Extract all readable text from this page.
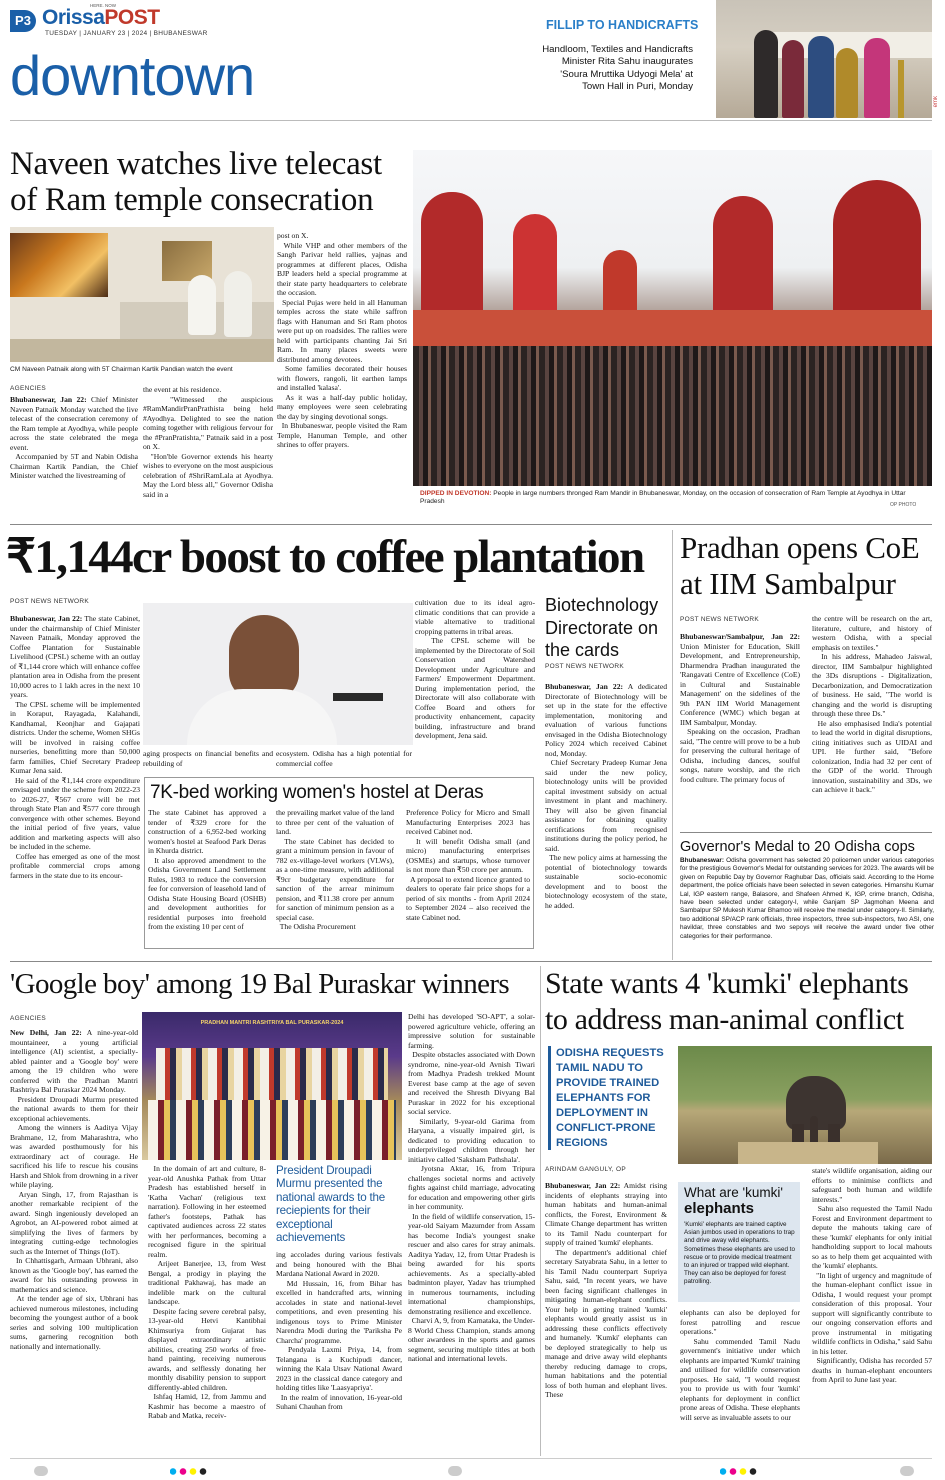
P3
HERE. NOW
OrissaPOST
TUESDAY | JANUARY 23 | 2024 | BHUBANESWAR
downtown
FILLIP TO HANDICRAFTS
Handloom, Textiles and Handicrafts Minister Rita Sahu inaugurates 'Soura Mruttika Udyogi Mela' at Town Hall in Puri, Monday
emk
Naveen watches live telecast of Ram temple consecration
CM Naveen Patnaik along with 5T Chairman Kartik Pandian watch the event
AGENCIES
Bhubaneswar, Jan 22: Chief Minister Naveen Patnaik Monday watched the live telecast of the consecration ceremony of the Ram temple at Ayodhya, while people across the state celebrated the mega event.
Accompanied by 5T and Nabin Odisha Chairman Kartik Pandian, the Chief Minister watched the livestreaming of
the event at his residence.
"Witnessed the auspicious #RamMandirPranPrathista being held #Ayodhya. Delighted to see the nation coming together with religious fervour for the #PranPratishta," Patnaik said in a post on X.
"Hon'ble Governor extends his hearty wishes to everyone on the most auspicious celebration of #ShriRamLala at Ayodhya. May the Lord bless all," Governor Odisha said in a
post on X.
While VHP and other members of the Sangh Parivar held rallies, yajnas and programmes at different places, Odisha BJP leaders held a special programme at their state party headquarters to celebrate the occasion.
Special Pujas were held in all Hanuman temples across the state while saffron flags with Hanuman and Sri Ram photos were put up on roadsides. The rallies were held with participants chanting Jai Sri Ram. In many places sweets were distributed among devotees.
Some families decorated their houses with flowers, rangoli, lit earthen lamps and installed 'kalasa'.
As it was a half-day public holiday, many employees were seen celebrating the day by singing devotional songs.
In Bhubaneswar, people visited the Ram Temple, Hanuman Temple, and other shrines to offer prayers.
DIPPED IN DEVOTION: People in large numbers thronged Ram Mandir in Bhubaneswar, Monday, on the occasion of consecration of Ram Temple at Ayodhya in Uttar Pradesh	OP PHOTO
₹1,144cr boost to coffee plantation
POST NEWS NETWORK
Bhubaneswar, Jan 22: The state Cabinet, under the chairmanship of Chief Minister Naveen Patnaik, Monday approved the Coffee Plantation for Sustainable Livelihood (CPSL) scheme with an outlay of ₹1,144 crore which will enhance coffee plantation area in Odisha from the present 10,000 acres to 1 lakh acres in the next 10 years.
The CPSL scheme will be implemented in Koraput, Rayagada, Kalahandi, Kandhamal, Keonjhar and Gajapati districts. Under the scheme, Women SHGs will be involved in raising coffee nurseries, benefitting more than 50,000 farm families, Chief Secretary Pradeep Kumar Jena said.
He said of the ₹1,144 crore expenditure envisaged under the scheme from 2022-23 to 2026-27, ₹567 crore will be met through State Plan and ₹577 core through convergence with other schemes. Beyond the initial period of five years, value addition and marketing aspects will also be included in the scheme.
Coffee has emerged as one of the most profitable commercial crops among farmers in the state due to its encour-
aging prospects on financial benefits and rebuilding of
ecosystem. Odisha has a high potential for commercial coffee
cultivation due to its ideal agro-climatic conditions that can provide a viable alternative to traditional cropping patterns in tribal areas.
The CPSL scheme will be implemented by the Directorate of Soil Conservation and Watershed Development under Agriculture and Farmers' Empowerment Department. During implementation period, the Directorate will also collaborate with Coffee Board and others for productivity enhancement, capacity building, infrastructure and brand development, Jena said.
7K-bed working women's hostel at Deras
The state Cabinet has approved a tender of ₹329 crore for the construction of a 6,952-bed working women's hostel at Seafood Park Deras in Khurda district.
It also approved amendment to the Odisha Government Land Settlement Rules, 1983 to reduce the conversion fee for conversion of leasehold land of Odisha State Housing Board (OSHB) and development authorities for residential purposes into freehold from the existing 10 per cent of
the prevailing market value of the land to three per cent of the valuation of land.
The state Cabinet has decided to grant a minimum pension in favour of 782 ex-village-level workers (VLWs), as a one-time measure, with additional ₹9cr budgetary expenditure for sanction of the arrear minimum pension, and ₹11.38 crore per annum for sanction of minimum pension as a special case.
The Odisha Procurement
Preference Policy for Micro and Small Manufacturing Enterprises 2023 has received Cabinet nod.
It will benefit Odisha small (and micro) manufacturing enterprises (OSMEs) and startups, whose turnover is not more than ₹50 crore per annum.
A proposal to extend licence granted to dealers to operate fair price shops for a period of six months - from April 2024 to September 2024 – also received the state Cabinet nod.
Biotechnology Directorate on the cards
POST NEWS NETWORK
Bhubaneswar, Jan 22: A dedicated Directorate of Biotechnology will be set up in the state for the effective implementation, monitoring and evaluation of various functions envisaged in the Odisha Biotechnology Policy 2024 which received Cabinet nod, Monday.
Chief Secretary Pradeep Kumar Jena said under the new policy, biotechnology units will be provided capital investment subsidy on actual investment in plant and machinery. They will also be given financial assistance for obtaining quality certifications from recognised institutions during the policy period, he said.
The new policy aims at harnessing the potential of biotechnology towards sustainable socio-economic development and to boost the biotechnology ecosystem of the state, he added.
Pradhan opens CoE at IIM Sambalpur
POST NEWS NETWORK
Bhubaneswar/Sambalpur, Jan 22: Union Minister for Education, Skill Development, and Entrepreneurship, Dharmendra Pradhan inaugurated the 'Rangavati Centre of Excellence (CoE) in Cultural and Sustainable Management' on the sidelines of the 9th PAN IIM World Management Conference (WMC) which began at IIM Sambalpur, Monday.
Speaking on the occasion, Pradhan said, "The centre will prove to be a hub for preserving the cultural heritage of Odisha, including dances, soulful songs, nature worship, and the rich food culture. The primary focus of
the centre will be research on the art, literature, culture, and history of western Odisha, with a special emphasis on textiles."
In his address, Mahadeo Jaiswal, director, IIM Sambalpur highlighted the 3Ds disruptions - Digitalization, Decarbonization, and Democratization of business. He said, "The world is changing and the world is disrupting through these three Ds."
He also emphasised India's potential to lead the world in digital disruptions, citing initiatives such as UIDAI and UPI. He further said, "Before colonization, India had 32 per cent of the GDP of the world. Through innovation, sustainability and 3Ds, we can achieve it back."
Governor's Medal to 20 Odisha cops
Bhubaneswar: Odisha government has selected 20 policemen under various categories for the prestigious Governor's Medal for outstanding services for 2023. The awards will be given on Republic Day by Governor Raghubar Das, officials said. According to the Home department, the police officials have been selected in seven categories. Himanshu Kumar Lal, IGP eastern range, Balasore, and Shafeen Ahmed K, IGP, crime branch, Odisha, have been selected under category-I, while Ganjam SP Jagmohan Meena and Sambalpur SP Mukesh Kumar Bhamoo will receive the medal under category-II. Similarly, two additional SP/ACP rank officials, three inspectors, three sub-inspectors, two ASI, one havildar, three constables and two sepoys will receive the award under five other categories for their performance.
'Google boy' among 19 Bal Puraskar winners
AGENCIES
New Delhi, Jan 22: A nine-year-old mountaineer, a young artificial intelligence (AI) scientist, a specially-abled painter and a 'Google boy' were among the 19 children who were conferred with the Pradhan Mantri Rashtriya Bal Puraskar 2024 Monday.
President Droupadi Murmu presented the national awards to them for their exceptional achievements.
Among the winners is Aaditya Vijay Brahmane, 12, from Maharashtra, who was awarded posthumously for his extraordinary act of courage. He sacrificed his life to rescue his cousins Harsh and Shlok from drowning in a river while playing.
Aryan Singh, 17, from Rajasthan is another remarkable recipient of the award. Singh ingeniously developed an Agrobot, an AI-powered robot aimed at simplifying the lives of farmers by integrating cutting-edge technologies such as the Internet of Things (IoT).
In Chhattisgarh, Armaan Ubhrani, also known as the 'Google boy', has earned the award for his outstanding prowess in mathematics and science.
At the tender age of six, Ubhrani has achieved numerous milestones, including becoming the youngest author of a book series and solving 100 multiplication sums, garnering recognition both nationally and internationally.
PRADHAN MANTRI RASHTRIYA BAL PURASKAR-2024
In the domain of art and culture, 8-year-old Anushka Pathak from Uttar Pradesh has established herself in 'Katha Vachan' (religious text narration). Following in her esteemed father's footsteps, Pathak has captivated audiences across 22 states with her performances, becoming a recognised figure in the spiritual realm.
Arijeet Banerjee, 13, from West Bengal, a prodigy in playing the traditional Pakhawaj, has made an indelible mark on the cultural landscape.
Despite facing severe cerebral palsy, 13-year-old Hetvi Kantibhai Khimsuriya from Gujarat has displayed extraordinary artistic abilities, creating 250 works of free-hand painting, receiving numerous awards, and selflessly donating her monthly disability pension to support differently-abled children.
Ishfaq Hamid, 12, from Jammu and Kashmir has become a maestro of Rabab and Matka, receiv-
President Droupadi Murmu presented the national awards to the reciepients for their exceptional achievements
ing accolades during various festivals and being honoured with the Bhai Mardana National Award in 2020.
Md Hussain, 16, from Bihar has excelled in handcrafted arts, winning accolades in state and national-level competitions, and even presenting his indigenous toys to Prime Minister Narendra Modi during the 'Pariksha Pe Charcha' programme.
Pendyala Laxmi Priya, 14, from Telangana is a Kuchipudi dancer, winning the Kala Utsav National Award 2023 in the classical dance category and holding titles like 'Laasyapriya'.
In the realm of innovation, 16-year-old Suhani Chauhan from
Delhi has developed 'SO-APT', a solar-powered agriculture vehicle, offering an impressive solution for sustainable farming.
Despite obstacles associated with Down syndrome, nine-year-old Avnish Tiwari from Madhya Pradesh trekked Mount Everest base camp at the age of seven and received the Shresth Divyang Bal Puraskar in 2022 for his exceptional social service.
Similarly, 9-year-old Garima from Haryana, a visually impaired girl, is dedicated to providing education to underprivileged children through her initiative called 'Saksham Pathshala'.
Jyotsna Aktar, 16, from Tripura challenges societal norms and actively fights against child marriage, advocating for education and empowering other girls in her community.
In the field of wildlife conservation, 15-year-old Saiyam Mazumder from Assam has become India's youngest snake rescuer and also cares for stray animals. Aaditya Yadav, 12, from Uttar Pradesh is being awarded for his sports achievements. As a specially-abled badminton player, Yadav has triumphed in numerous tournaments, including international championships, demonstrating resilience and excellence.
Charvi A, 9, from Karnataka, the Under-8 World Chess Champion, stands among other awardees in the sports and games segment, securing multiple titles at both national and international levels.
State wants 4 'kumki' elephants to address man-animal conflict
ODISHA REQUESTS TAMIL NADU TO PROVIDE TRAINED ELEPHANTS FOR DEPLOYMENT IN CONFLICT-PRONE REGIONS
ARINDAM GANGULY, OP
Bhubaneswar, Jan 22: Amidst rising incidents of elephants straying into human habitats and human-animal conflicts, the Forest, Environment & Climate Change department has written to its Tamil Nadu counterpart for supply of trained 'kumki' elephants.
The department's additional chief secretary Satyabrata Sahu, in a letter to his Tamil Nadu counterpart Supriya Sahu, said, "In recent years, we have been facing significant challenges in mitigating human-elephant conflicts. Your help in getting trained 'kumki' elephants would greatly assist us in addressing these conflicts effectively and humanely. 'Kumki' elephants can be deployed strategically to help us manage and drive away wild elephants thereby reducing damage to crops, human habitations and the potential loss of both human and elephant lives. These
What are 'kumki'
elephants
'Kumki' elephants are trained captive Asian jumbos used in operations to trap and drive away wild elephants. Sometimes these elephants are used to rescue or to provide medical treatment to an injured or trapped wild elephant. They can also be deployed for forest patrolling.
elephants can also be deployed for forest patrolling and rescue operations."
Sahu commended Tamil Nadu government's initiative under which elephants are imparted 'Kumki' training and utilised for wildlife conservation purposes. He said, "I would request you to provide us with four 'kumki' elephants for deployment in conflict prone areas of Odisha. These elephants will serve as invaluable assets to our
state's wildlife organisation, aiding our efforts to minimise conflicts and safeguard both human and wildlife interests."
Sahu also requested the Tamil Nadu Forest and Environment department to depute the mahouts taking care of these 'kumki' elephants for only initial handholding support to local mahouts so as to help them get acquainted with the 'kumki' elephants.
"In light of urgency and magnitude of the human-elephant conflict issue in Odisha, I would request your prompt consideration of this proposal. Your support will significantly contribute to our ongoing conservation efforts and prove instrumental in mitigating wildlife conflicts in Odisha," said Sahu in his letter.
Significantly, Odisha has recorded 57 deaths in human-elephant encounters from April to June last year.
